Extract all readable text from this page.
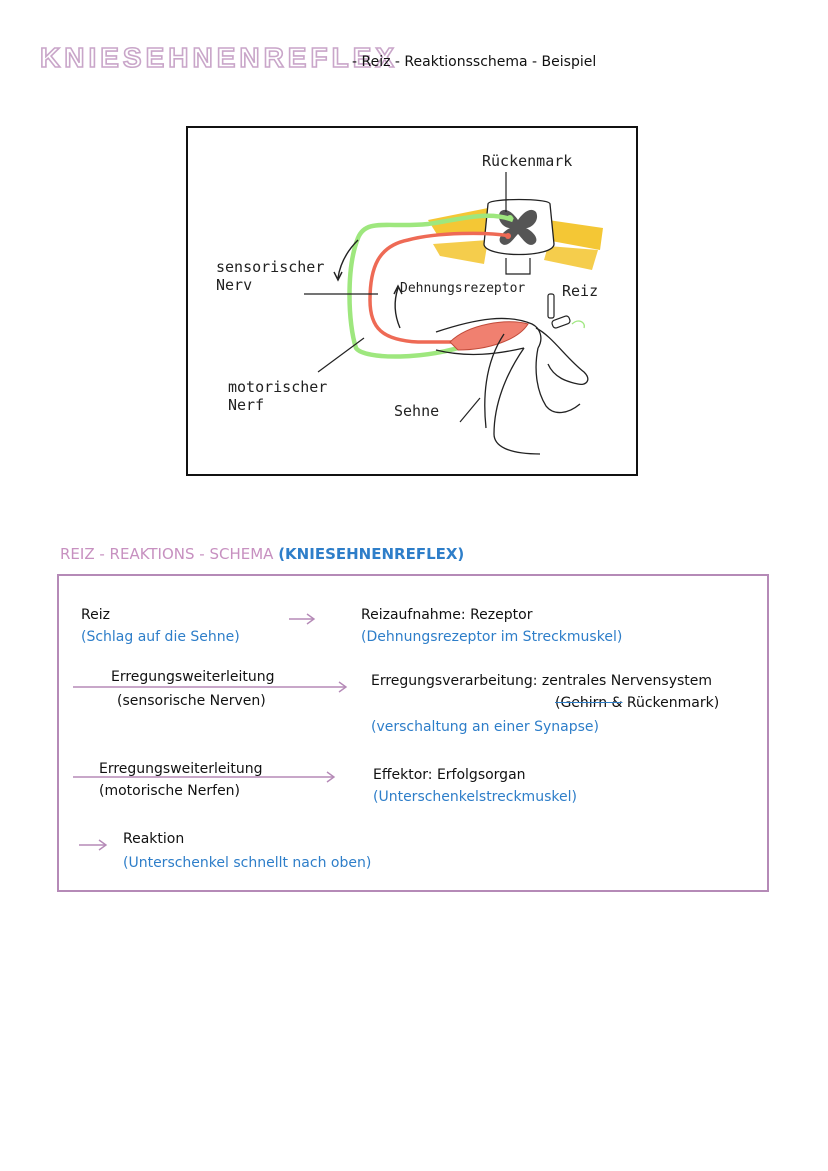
KNIESEHNENREFLEX
- Reiz - Reaktionsschema - Beispiel
Rückenmark
sensorischer
Nerv	Dehnungsrezeptor Reiz
motorischer
Nerf	Sehne
REIZ - REAKTIONS - SCHEMA (KNIESEHNENREFLEX)
Reiz
(Schlag auf die Sehne)
Reizaufnahme: Rezeptor
(Dehnungsrezeptor im Streckmuskel)
Erregungsweiterleitung
(sensorische Nerven)
Erregungsverarbeitung: zentrales Nervensystem
(Gehirn & Rückenmark)
(verschaltung an einer Synapse)
Erregungsweiterleitung
(motorische Nerfen)
Effektor: Erfolgsorgan
(Unterschenkelstreckmuskel)
Reaktion
(Unterschenkel schnellt nach oben)
